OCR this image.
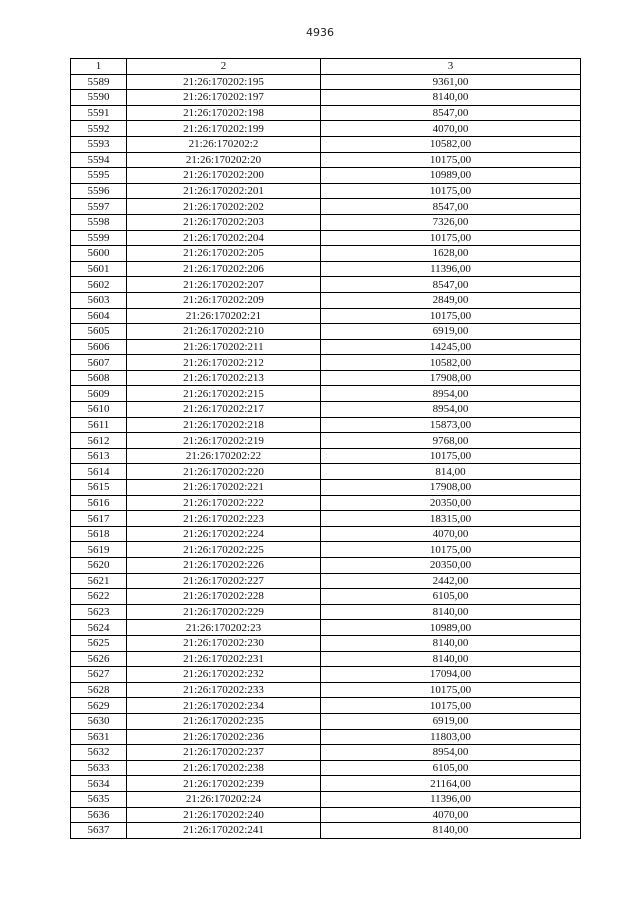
4936
1	2	3
5589	21:26:170202:195	9361,00
5590	21:26:170202:197	8140,00
5591	21:26:170202:198	8547,00
5592	21:26:170202:199	4070,00
5593	21:26:170202:2	10582,00
5594	21:26:170202:20	10175,00
5595	21:26:170202:200	10989,00
5596	21:26:170202:201	10175,00
5597	21:26:170202:202	8547,00
5598	21:26:170202:203	7326,00
5599	21:26:170202:204	10175,00
5600	21:26:170202:205	1628,00
5601	21:26:170202:206	11396,00
5602	21:26:170202:207	8547,00
5603	21:26:170202:209	2849,00
5604	21:26:170202:21	10175,00
5605	21:26:170202:210	6919,00
5606	21:26:170202:211	14245,00
5607	21:26:170202:212	10582,00
5608	21:26:170202:213	17908,00
5609	21:26:170202:215	8954,00
5610	21:26:170202:217	8954,00
5611	21:26:170202:218	15873,00
5612	21:26:170202:219	9768,00
5613	21:26:170202:22	10175,00
5614	21:26:170202:220	814,00
5615	21:26:170202:221	17908,00
5616	21:26:170202:222	20350,00
5617	21:26:170202:223	18315,00
5618	21:26:170202:224	4070,00
5619	21:26:170202:225	10175,00
5620	21:26:170202:226	20350,00
5621	21:26:170202:227	2442,00
5622	21:26:170202:228	6105,00
5623	21:26:170202:229	8140,00
5624	21:26:170202:23	10989,00
5625	21:26:170202:230	8140,00
5626	21:26:170202:231	8140,00
5627	21:26:170202:232	17094,00
5628	21:26:170202:233	10175,00
5629	21:26:170202:234	10175,00
5630	21:26:170202:235	6919,00
5631	21:26:170202:236	11803,00
5632	21:26:170202:237	8954,00
5633	21:26:170202:238	6105,00
5634	21:26:170202:239	21164,00
5635	21:26:170202:24	11396,00
5636	21:26:170202:240	4070,00
5637	21:26:170202:241	8140,00
